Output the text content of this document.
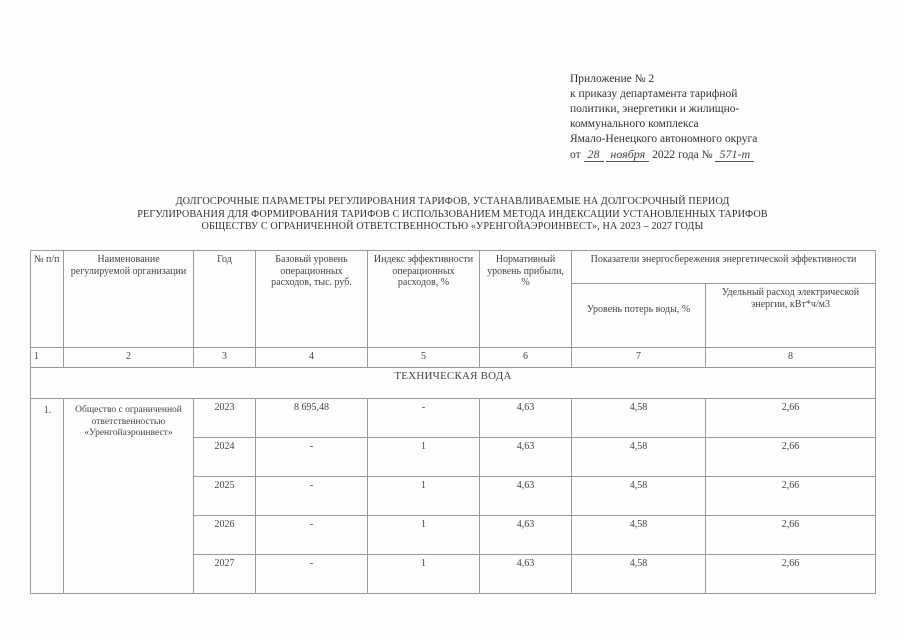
Приложение № 2
к приказу департамента тарифной
политики, энергетики и жилищно-
коммунального комплекса
Ямало-Ненецкого автономного округа
от 28 ноября 2022 года № 571-т
ДОЛГОСРОЧНЫЕ ПАРАМЕТРЫ РЕГУЛИРОВАНИЯ ТАРИФОВ, УСТАНАВЛИВАЕМЫЕ НА ДОЛГОСРОЧНЫЙ ПЕРИОД
РЕГУЛИРОВАНИЯ ДЛЯ ФОРМИРОВАНИЯ ТАРИФОВ С ИСПОЛЬЗОВАНИЕМ МЕТОДА ИНДЕКСАЦИИ УСТАНОВЛЕННЫХ ТАРИФОВ
ОБЩЕСТВУ С ОГРАНИЧЕННОЙ ОТВЕТСТВЕННОСТЬЮ «УРЕНГОЙАЭРОИНВЕСТ», НА 2023 – 2027 ГОДЫ
№ п/п	Наименование регулируемой организации	Год	Базовый уровень операционных расходов, тыс. руб.	Индекс эффективности операционных расходов, %	Нормативный уровень прибыли, %	Показатели энергосбережения энергетической эффективности	
						Уровень потерь воды, %	Удельный расход электрической энергии, кВт*ч/м3
1	2	3	4	5	6	7	8
ТЕХНИЧЕСКАЯ ВОДА							
1.	Общество с ограниченной ответственностью «Уренгойаэроинвест»	2023	8 695,48	-	4,63	4,58	2,66
		2024	-	1	4,63	4,58	2,66
		2025	-	1	4,63	4,58	2,66
		2026	-	1	4,63	4,58	2,66
		2027	-	1	4,63	4,58	2,66
